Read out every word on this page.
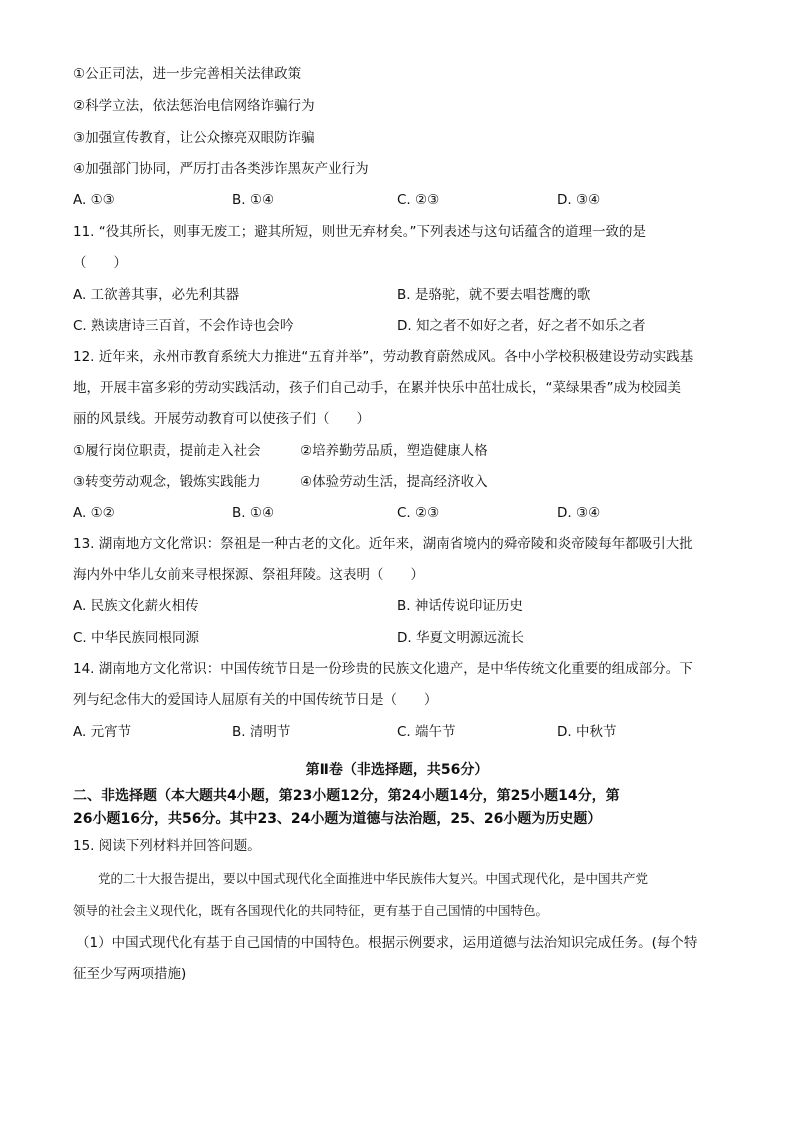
①公正司法，进一步完善相关法律政策
②科学立法，依法惩治电信网络诈骗行为
③加强宣传教育，让公众擦亮双眼防诈骗
④加强部门协同，严厉打击各类涉诈黑灰产业行为
A. ①③	B. ①④	C. ②③	D. ③④
11. “役其所长，则事无废工；避其所短，则世无弃材矣。”下列表述与这句话蕴含的道理一致的是
（　　）
A. 工欲善其事，必先利其器	B. 是骆驼，就不要去唱苍鹰的歌
C. 熟读唐诗三百首，不会作诗也会吟	D. 知之者不如好之者，好之者不如乐之者
12. 近年来，永州市教育系统大力推进“五育并举”，劳动教育蔚然成风。各中小学校积极建设劳动实践基
地，开展丰富多彩的劳动实践活动，孩子们自己动手，在累并快乐中茁壮成长，“菜绿果香”成为校园美
丽的风景线。开展劳动教育可以使孩子们（　　）
①履行岗位职责，提前走入社会	②培养勤劳品质，塑造健康人格
③转变劳动观念，锻炼实践能力	④体验劳动生活，提高经济收入
A. ①②	B. ①④	C. ②③	D. ③④
13. 湖南地方文化常识：祭祖是一种古老的文化。近年来，湖南省境内的舜帝陵和炎帝陵每年都吸引大批
海内外中华儿女前来寻根探源、祭祖拜陵。这表明（　　）
A. 民族文化薪火相传	B. 神话传说印证历史
C. 中华民族同根同源	D. 华夏文明源远流长
14. 湖南地方文化常识：中国传统节日是一份珍贵的民族文化遗产，是中华传统文化重要的组成部分。下
列与纪念伟大的爱国诗人屈原有关的中国传统节日是（　　）
A. 元宵节	B. 清明节	C. 端午节	D. 中秋节
第Ⅱ卷（非选择题，共56分）
二、非选择题（本大题共4小题，第23小题12分，第24小题14分，第25小题14分，第
26小题16分，共56分。其中23、24小题为道德与法治题，25、26小题为历史题）
15. 阅读下列材料并回答问题。
党的二十大报告提出，要以中国式现代化全面推进中华民族伟大复兴。中国式现代化，是中国共产党
领导的社会主义现代化，既有各国现代化的共同特征，更有基于自己国情的中国特色。
（1）中国式现代化有基于自己国情的中国特色。根据示例要求，运用道德与法治知识完成任务。(每个特
征至少写两项措施)
